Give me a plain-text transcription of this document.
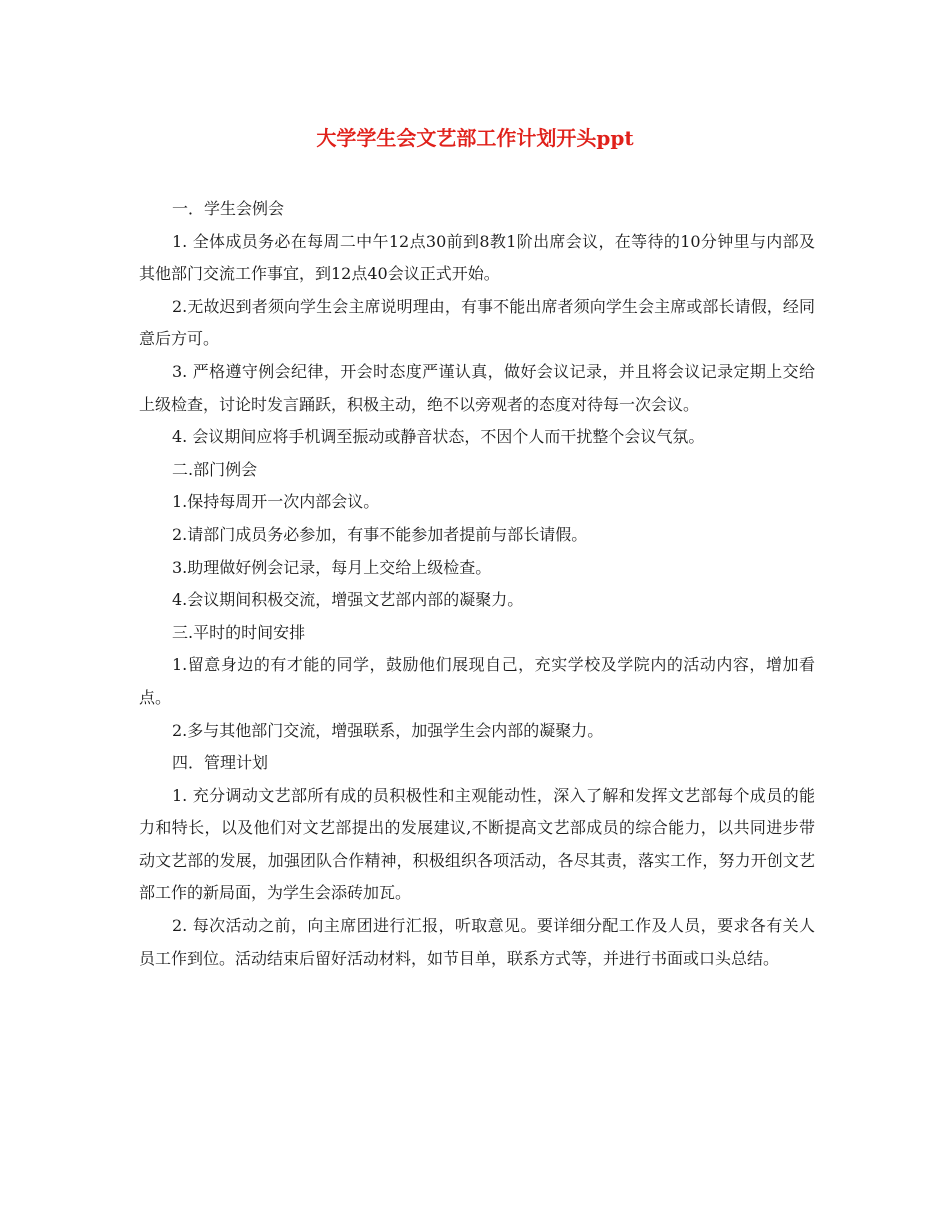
大学学生会文艺部工作计划开头ppt

一．学生会例会

1. 全体成员务必在每周二中午12点30前到8教1阶出席会议，在等待的10分钟里与内部及其他部门交流工作事宜，到12点40会议正式开始。

2.无故迟到者须向学生会主席说明理由，有事不能出席者须向学生会主席或部长请假，经同意后方可。

3. 严格遵守例会纪律，开会时态度严谨认真，做好会议记录，并且将会议记录定期上交给上级检查，讨论时发言踊跃，积极主动，绝不以旁观者的态度对待每一次会议。

4. 会议期间应将手机调至振动或静音状态，不因个人而干扰整个会议气氛。

二.部门例会

1.保持每周开一次内部会议。

2.请部门成员务必参加，有事不能参加者提前与部长请假。

3.助理做好例会记录，每月上交给上级检查。

4.会议期间积极交流，增强文艺部内部的凝聚力。

三.平时的时间安排

1.留意身边的有才能的同学，鼓励他们展现自己，充实学校及学院内的活动内容，增加看点。

2.多与其他部门交流，增强联系，加强学生会内部的凝聚力。

四．管理计划

1. 充分调动文艺部所有成的员积极性和主观能动性，深入了解和发挥文艺部每个成员的能力和特长，以及他们对文艺部提出的发展建议,不断提高文艺部成员的综合能力，以共同进步带动文艺部的发展，加强团队合作精神，积极组织各项活动，各尽其责，落实工作，努力开创文艺部工作的新局面，为学生会添砖加瓦。

2. 每次活动之前，向主席团进行汇报，听取意见。要详细分配工作及人员，要求各有关人员工作到位。活动结束后留好活动材料，如节目单，联系方式等，并进行书面或口头总结。
